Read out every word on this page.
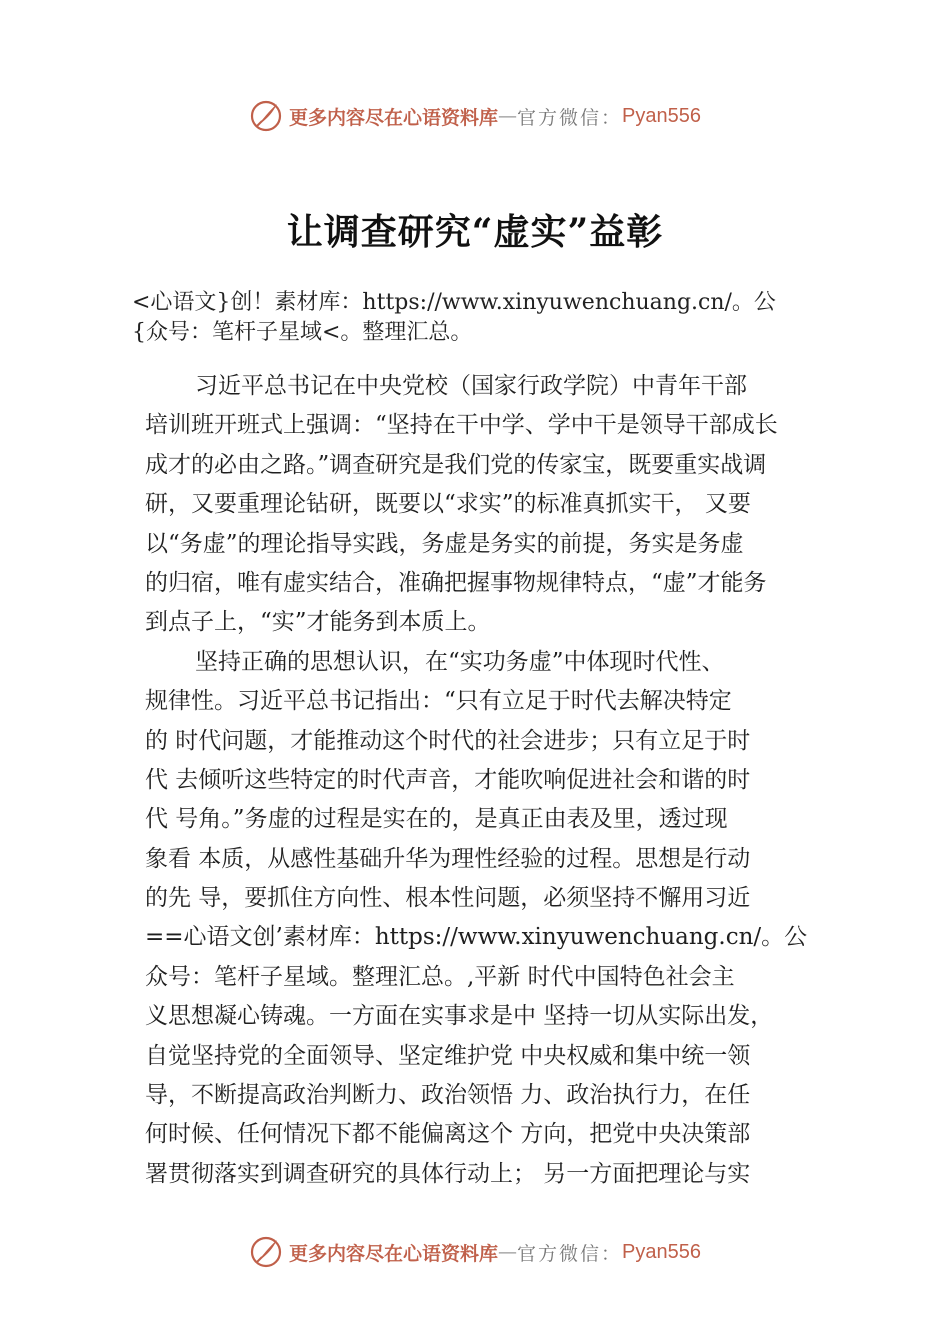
更多内容尽在心语资料库 — 官方微信： Pyan556
让调查研究“虚实”益彰
<心语文}创！素材库：https://www.xinyuwenchuang.cn/。公
{众号：笔杆子星域<。整理汇总。
习近平总书记在中央党校（国家行政学院）中青年干部
培训班开班式上强调：“坚持在干中学、学中干是领导干部成长
成才的必由之路。”调查研究是我们党的传家宝，既要重实战调
研，又要重理论钻研，既要以“求实”的标准真抓实干， 又要
以“务虚”的理论指导实践，务虚是务实的前提，务实是务虚
的归宿，唯有虚实结合，准确把握事物规律特点，“虚”才能务
到点子上，“实”才能务到本质上。
坚持正确的思想认识，在“实功务虚”中体现时代性、
规律性。习近平总书记指出：“只有立足于时代去解决特定
的 时代问题，才能推动这个时代的社会进步；只有立足于时
代 去倾听这些特定的时代声音，才能吹响促进社会和谐的时
代 号角。”务虚的过程是实在的，是真正由表及里，透过现
象看 本质，从感性基础升华为理性经验的过程。思想是行动
的先 导，要抓住方向性、根本性问题，必须坚持不懈用习近
==心语文创’素材库：https://www.xinyuwenchuang.cn/。公
众号：笔杆子星域。整理汇总。,平新 时代中国特色社会主
义思想凝心铸魂。一方面在实事求是中 坚持一切从实际出发，
自觉坚持党的全面领导、坚定维护党 中央权威和集中统一领
导，不断提高政治判断力、政治领悟 力、政治执行力，在任
何时候、任何情况下都不能偏离这个 方向，把党中央决策部
署贯彻落实到调查研究的具体行动上； 另一方面把理论与实
更多内容尽在心语资料库 — 官方微信： Pyan556
